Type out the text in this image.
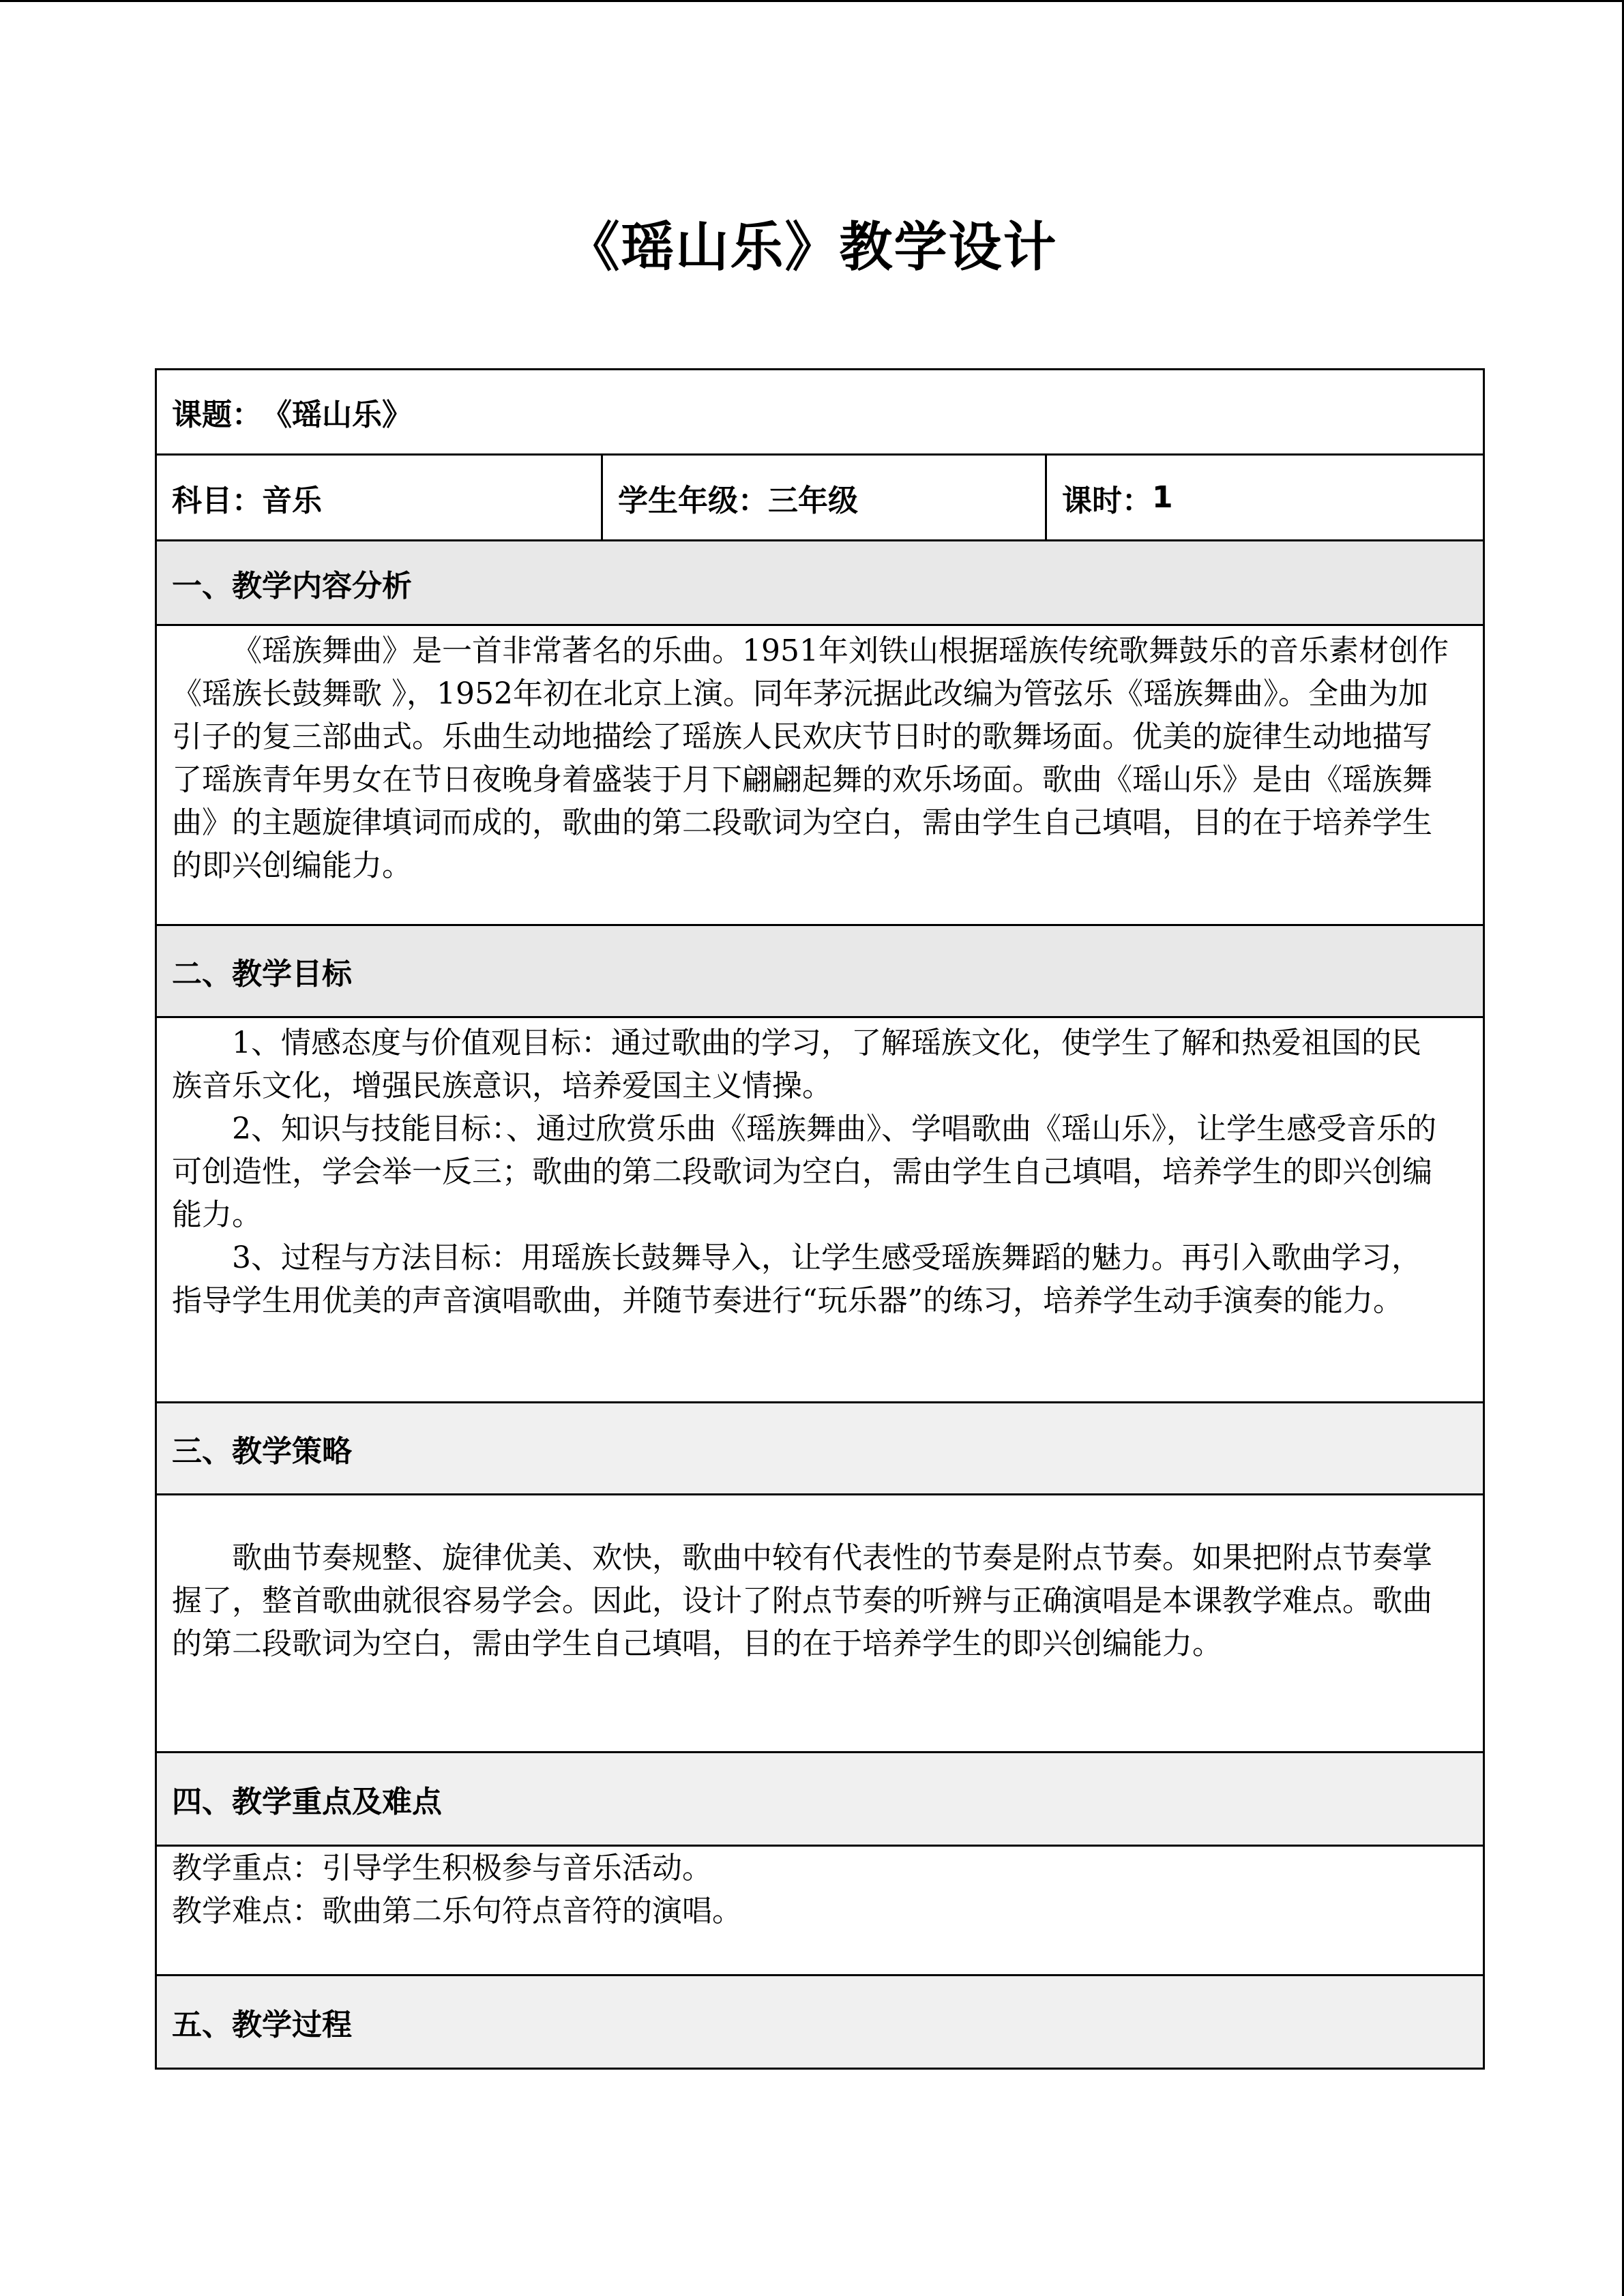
《瑶山乐》教学设计
课题： 《瑶山乐》
科目： 音乐	学生年级： 三年级	课时： 1
一、教学内容分析

《瑶族舞曲》是一首非常著名的乐曲。1951年刘铁山根据瑶族传统歌舞鼓乐的音乐素材创作《瑶族长鼓舞歌 》，1952年初在北京上演。同年茅沅据此改编为管弦乐《瑶族舞曲》。全曲为加引子的复三部曲式。乐曲生动地描绘了瑶族人民欢庆节日时的歌舞场面。优美的旋律生动地描写了瑶族青年男女在节日夜晚身着盛装于月下翩翩起舞的欢乐场面。歌曲《瑶山乐》是由《瑶族舞曲》的主题旋律填词而成的，歌曲的第二段歌词为空白，需由学生自己填唱，目的在于培养学生的即兴创编能力。

二、教学目标

1、情感态度与价值观目标：通过歌曲的学习，了解瑶族文化，使学生了解和热爱祖国的民族音乐文化，增强民族意识，培养爱国主义情操。

2、知识与技能目标：、通过欣赏乐曲《瑶族舞曲》、学唱歌曲《瑶山乐》，让学生感受音乐的可创造性，学会举一反三；歌曲的第二段歌词为空白，需由学生自己填唱，培养学生的即兴创编能力。

3、过程与方法目标：用瑶族长鼓舞导入，让学生感受瑶族舞蹈的魅力。再引入歌曲学习，指导学生用优美的声音演唱歌曲，并随节奏进行“玩乐器”的练习，培养学生动手演奏的能力。

三、教学策略

歌曲节奏规整、旋律优美、欢快，歌曲中较有代表性的节奏是附点节奏。如果把附点节奏掌握了，整首歌曲就很容易学会。因此，设计了附点节奏的听辨与正确演唱是本课教学难点。歌曲的第二段歌词为空白，需由学生自己填唱，目的在于培养学生的即兴创编能力。

四、教学重点及难点

教学重点：引导学生积极参与音乐活动。

教学难点：歌曲第二乐句符点音符的演唱。

五、教学过程
